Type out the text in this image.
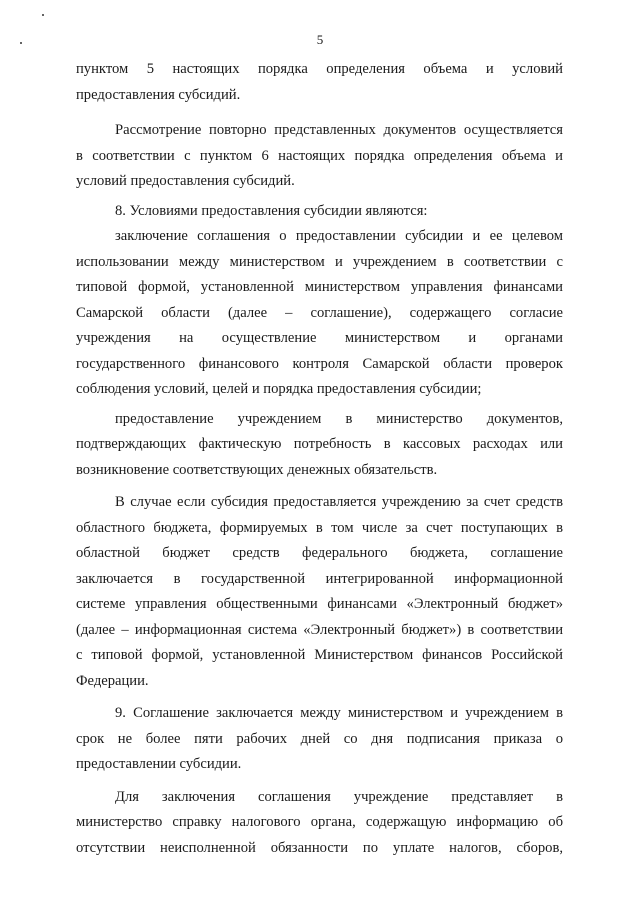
5
пунктом 5 настоящих порядка определения объема и условий
предоставления субсидий.
Рассмотрение повторно представленных документов осуществляется
в соответствии с пунктом 6 настоящих порядка определения объема и
условий предоставления субсидий.
8. Условиями предоставления субсидии являются:
заключение соглашения о предоставлении субсидии и ее целевом
использовании между министерством и учреждением в соответствии с
типовой формой, установленной министерством управления финансами
Самарской области (далее – соглашение), содержащего согласие
учреждения на осуществление министерством и органами
государственного финансового контроля Самарской области проверок
соблюдения условий, целей и порядка предоставления субсидии;
предоставление учреждением в министерство документов,
подтверждающих фактическую потребность в кассовых расходах или
возникновение соответствующих денежных обязательств.
В случае если субсидия предоставляется учреждению за счет средств
областного бюджета, формируемых в том числе за счет поступающих в
областной бюджет средств федерального бюджета, соглашение
заключается в государственной интегрированной информационной
системе управления общественными финансами «Электронный бюджет»
(далее – информационная система «Электронный бюджет») в соответствии
с типовой формой, установленной Министерством финансов Российской
Федерации.
9. Соглашение заключается между министерством и учреждением в
срок не более пяти рабочих дней со дня подписания приказа о
предоставлении субсидии.
Для заключения соглашения учреждение представляет в
министерство справку налогового органа, содержащую информацию об
отсутствии неисполненной обязанности по уплате налогов, сборов,
